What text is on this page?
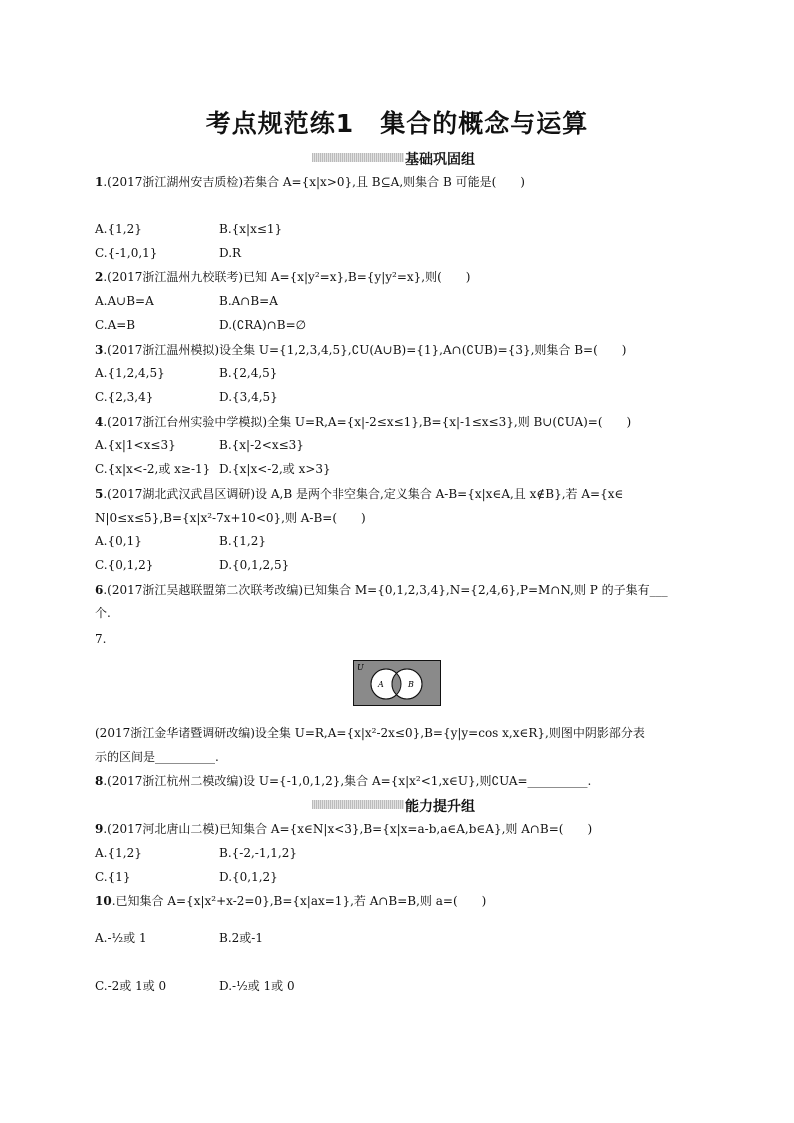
考点规范练1　集合的概念与运算
基础巩固组
1.(2017浙江湖州安吉质检)若集合 A={x|x>0},且 B⊆A,则集合 B 可能是(　　)
A.{1,2}	B.{x|x≤1}
C.{-1,0,1}	D.R
2.(2017浙江温州九校联考)已知 A={x|y²=x},B={y|y²=x},则(　　)
A.A∪B=A	B.A∩B=A
C.A=B	D.(∁RA)∩B=∅
3.(2017浙江温州模拟)设全集 U={1,2,3,4,5},∁U(A∪B)={1},A∩(∁UB)={3},则集合 B=(　　)
A.{1,2,4,5}	B.{2,4,5}
C.{2,3,4}	D.{3,4,5}
4.(2017浙江台州实验中学模拟)全集 U=R,A={x|-2≤x≤1},B={x|-1≤x≤3},则 B∪(∁UA)=(　　)
A.{x|1<x≤3}	B.{x|-2<x≤3}
C.{x|x<-2,或 x≥-1} D.{x|x<-2,或 x>3}
5.(2017湖北武汉武昌区调研)设 A,B 是两个非空集合,定义集合 A-B={x|x∈A,且 x∉B},若 A={x∈
N|0≤x≤5},B={x|x²-7x+10<0},则 A-B=(　　)
A.{0,1}	B.{1,2}
C.{0,1,2}	D.{0,1,2,5}
6.(2017浙江吴越联盟第二次联考改编)已知集合 M={0,1,2,3,4},N={2,4,6},P=M∩N,则 P 的子集有___
个.
7.
U
A	B
(2017浙江金华诸暨调研改编)设全集 U=R,A={x|x²-2x≤0},B={y|y=cos x,x∈R},则图中阴影部分表
示的区间是__________.
8.(2017浙江杭州二模改编)设 U={-1,0,1,2},集合 A={x|x²<1,x∈U},则∁UA=__________.
能力提升组
9.(2017河北唐山二模)已知集合 A={x∈N|x<3},B={x|x=a-b,a∈A,b∈A},则 A∩B=(　　)
A.{1,2}	B.{-2,-1,1,2}
C.{1}	D.{0,1,2}
10.已知集合 A={x|x²+x-2=0},B={x|ax=1},若 A∩B=B,则 a=(　　)
A.-½或 1	B.2或-1
C.-2或 1或 0	D.-½或 1或 0
